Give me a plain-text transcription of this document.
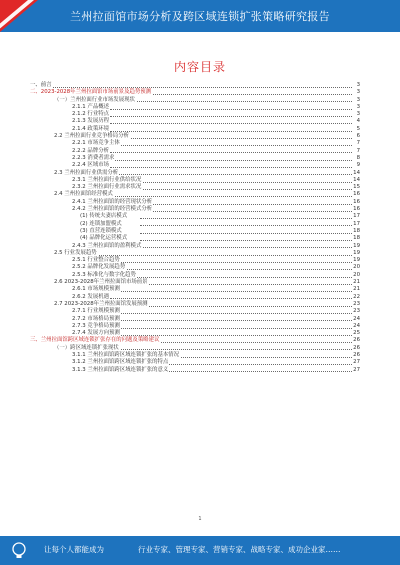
兰州拉面馆市场分析及跨区域连锁扩张策略研究报告
内容目录
一、前言	3
二、2023-2028年兰州拉面馆市场前景及趋势预测	3
（一）兰州拉面行业市场发展现状	3
2.1.1 产品概述	3
2.1.2 行业特点	3
2.1.3 发展历程	4
2.1.4 政策环境	5
2.2 兰州拉面行业竞争格局分析	6
2.2.1 市场竞争主体	7
2.2.2 品牌分析	7
2.2.3 消费者需求	8
2.2.4 区域市场	9
2.3 兰州拉面行业供需分析	14
2.3.1 兰州拉面行业供给状况	14
2.3.2 兰州拉面行业需求状况	15
2.4 兰州拉面馆经营模式	16
2.4.1 兰州拉面馆的经营现状分析	16
2.4.2 兰州拉面馆的经营模式分析	16
(1) 传统夫妻店模式	17
(2) 连锁加盟模式	17
(3) 直营连锁模式	18
(4) 品牌化运营模式	18
2.4.3 兰州拉面馆的盈利模式	19
2.5 行业发展趋势	19
2.5.1 行业整合趋势	19
2.5.2 品牌化发展趋势	20
2.5.3 标准化与数字化趋势	20
2.6 2023-2028年兰州拉面馆市场前景	21
2.6.1 市场规模预测	21
2.6.2 发展机遇	22
2.7 2023-2028年兰州拉面馆发展预测	23
2.7.1 行业规模预测	23
2.7.2 市场格局预测	24
2.7.3 竞争格局预测	24
2.7.4 发展方向预测	25
三、兰州拉面馆跨区域连锁扩张存在的问题及策略建议	26
（一）跨区域连锁扩张现状	26
3.1.1 兰州拉面馆跨区域连锁扩张的基本情况	26
3.1.2 兰州拉面馆跨区域连锁扩张的特点	27
3.1.3 兰州拉面馆跨区域连锁扩张的意义	27
1
让每个人都能成为	行业专家、管理专家、营销专家、战略专家、成功企业家……
